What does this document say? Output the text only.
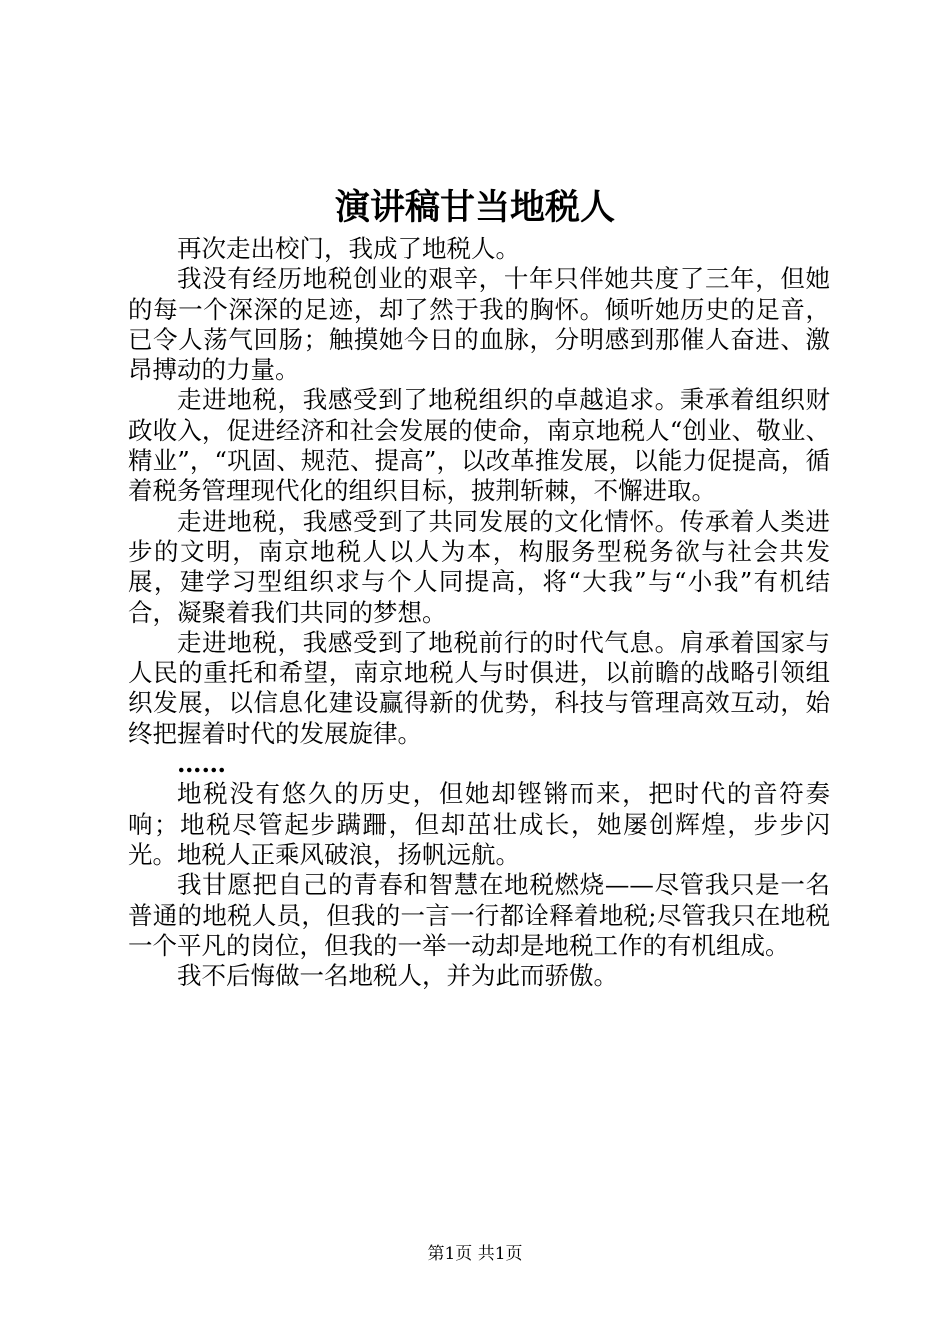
演讲稿甘当地税人

再次走出校门，我成了地税人。

我没有经历地税创业的艰辛，十年只伴她共度了三年，但她的每一个深深的足迹，却了然于我的胸怀。倾听她历史的足音，已令人荡气回肠；触摸她今日的血脉，分明感到那催人奋进、激昂搏动的力量。

走进地税，我感受到了地税组织的卓越追求。秉承着组织财政收入，促进经济和社会发展的使命，南京地税人“创业、敬业、精业”，“巩固、规范、提高”，以改革推发展，以能力促提高，循着税务管理现代化的组织目标，披荆斩棘，不懈进取。

走进地税，我感受到了共同发展的文化情怀。传承着人类进步的文明，南京地税人以人为本，构服务型税务欲与社会共发展，建学习型组织求与个人同提高，将“大我”与“小我”有机结合，凝聚着我们共同的梦想。

走进地税，我感受到了地税前行的时代气息。肩承着国家与人民的重托和希望，南京地税人与时俱进，以前瞻的战略引领组织发展，以信息化建设赢得新的优势，科技与管理高效互动，始终把握着时代的发展旋律。

……

地税没有悠久的历史，但她却铿锵而来，把时代的音符奏响；地税尽管起步蹒跚，但却茁壮成长，她屡创辉煌，步步闪光。地税人正乘风破浪，扬帆远航。

我甘愿把自己的青春和智慧在地税燃烧——尽管我只是一名普通的地税人员，但我的一言一行都诠释着地税;尽管我只在地税一个平凡的岗位，但我的一举一动却是地税工作的有机组成。

我不后悔做一名地税人，并为此而骄傲。

第1页 共1页
